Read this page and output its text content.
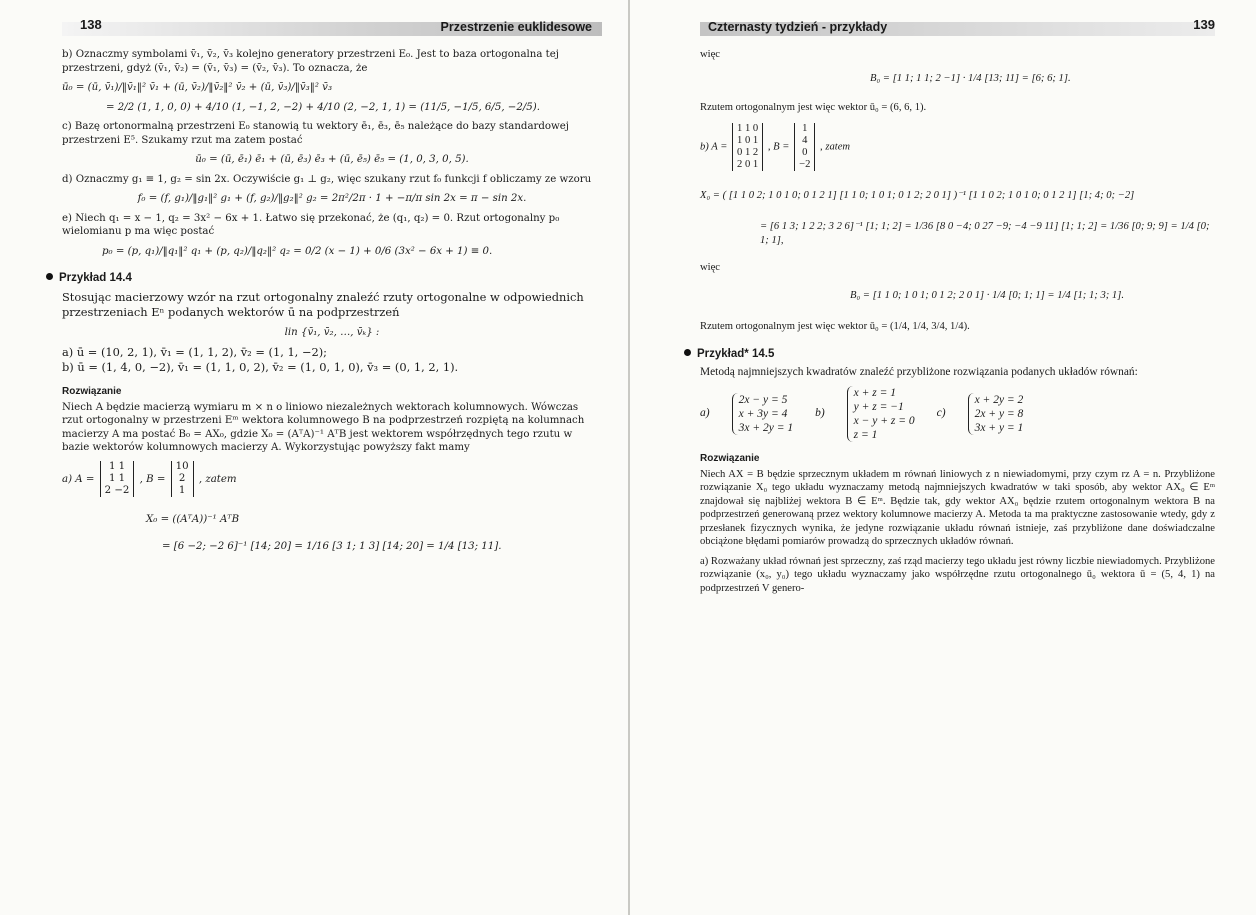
138	Przestrzenie euklidesowe

b) Oznaczmy symbolami v̄₁, v̄₂, v̄₃ kolejno generatory przestrzeni E₀. Jest to baza ortogonalna tej przestrzeni, gdyż (v̄₁, v̄₂) = (v̄₁, v̄₃) = (v̄₂, v̄₃). To oznacza, że

ū₀ = (ū, v̄₁)/‖v̄₁‖² v̄₁ + (ū, v̄₂)/‖v̄₂‖² v̄₂ + (ū, v̄₃)/‖v̄₃‖² v̄₃
= 2/2 (1, 1, 0, 0) + 4/10 (1, −1, 2, −2) + 4/10 (2, −2, 1, 1) = (11/5, −1/5, 6/5, −2/5).

c) Bazę ortonormalną przestrzeni E₀ stanowią tu wektory ē₁, ē₃, ē₅ należące do bazy standardowej przestrzeni E⁵. Szukamy rzut ma zatem postać

ū₀ = (ū, ē₁) ē₁ + (ū, ē₃) ē₃ + (ū, ē₅) ē₅ = (1, 0, 3, 0, 5).

d) Oznaczmy g₁ ≡ 1, g₂ = sin 2x. Oczywiście g₁ ⊥ g₂, więc szukany rzut f₀ funkcji f obliczamy ze wzoru

f₀ = (f, g₁)/‖g₁‖² g₁ + (f, g₂)/‖g₂‖² g₂ = 2π²/2π · 1 + −π/π sin 2x = π − sin 2x.

e) Niech q₁ = x − 1, q₂ = 3x² − 6x + 1. Łatwo się przekonać, że (q₁, q₂) = 0. Rzut ortogonalny p₀ wielomianu p ma więc postać

p₀ = (p, q₁)/‖q₁‖² q₁ + (p, q₂)/‖q₂‖² q₂ = 0/2 (x − 1) + 0/6 (3x² − 6x + 1) ≡ 0.
Przykład 14.4

Stosując macierzowy wzór na rzut ortogonalny znaleźć rzuty ortogonalne w odpowiednich przestrzeniach Eⁿ podanych wektorów ū na podprzestrzeń

lin {v̄₁, v̄₂, …, v̄ₖ} :

a) ū = (10, 2, 1), v̄₁ = (1, 1, 2), v̄₂ = (1, 1, −2);

b) ū = (1, 4, 0, −2), v̄₁ = (1, 1, 0, 2), v̄₂ = (1, 0, 1, 0), v̄₃ = (0, 1, 2, 1).

Rozwiązanie

Niech A będzie macierzą wymiaru m × n o liniowo niezależnych wektorach kolumnowych. Wówczas rzut ortogonalny w przestrzeni Eᵐ wektora kolumnowego B na podprzestrzeń rozpiętą na kolumnach macierzy A ma postać B₀ = AX₀, gdzie X₀ = (AᵀA)⁻¹ AᵀB jest wektorem współrzędnych tego rzutu w bazie wektorów kolumnowych macierzy A. Wykorzystując powyższy fakt mamy

a) A =
1 1
1 1
2 −2
, B =
10
2
1
, zatem
X₀ = ((AᵀA))⁻¹ AᵀB
= [6 −2; −2 6]⁻¹ [14; 20] = 1/16 [3 1; 1 3] [14; 20] = 1/4 [13; 11].
Czternasty tydzień - przykłady	139

więc

B₀ = [1 1; 1 1; 2 −1] · 1/4 [13; 11] = [6; 6; 1].

Rzutem ortogonalnym jest więc wektor ū₀ = (6, 6, 1).

b) A =
1 1 0
1 0 1
0 1 2
2 0 1
, B =
1
4
0
−2
, zatem
X₀ = ( [1 1 0 2; 1 0 1 0; 0 1 2 1] [1 1 0; 1 0 1; 0 1 2; 2 0 1] )⁻¹ [1 1 0 2; 1 0 1 0; 0 1 2 1] [1; 4; 0; −2]
= [6 1 3; 1 2 2; 3 2 6]⁻¹ [1; 1; 2] = 1/36 [8 0 −4; 0 27 −9; −4 −9 11] [1; 1; 2] = 1/36 [0; 9; 9] = 1/4 [0; 1; 1],

więc

B₀ = [1 1 0; 1 0 1; 0 1 2; 2 0 1] · 1/4 [0; 1; 1] = 1/4 [1; 1; 3; 1].

Rzutem ortogonalnym jest więc wektor ū₀ = (1/4, 1/4, 3/4, 1/4).

Przykład* 14.5

Metodą najmniejszych kwadratów znaleźć przybliżone rozwiązania podanych układów równań:

a)
2x − y = 5
x + 3y = 4
3x + 2y = 1
b)
x + z = 1
y + z = −1
x − y + z = 0
z = 1
c)
x + 2y = 2
2x + y = 8
3x + y = 1
Rozwiązanie

Niech AX = B będzie sprzecznym układem m równań liniowych z n niewiadomymi, przy czym rz A = n. Przybliżone rozwiązanie X₀ tego układu wyznaczamy metodą najmniejszych kwadratów w taki sposób, aby wektor AX₀ ∈ Eᵐ znajdował się najbliżej wektora B ∈ Eᵐ. Będzie tak, gdy wektor AX₀ będzie rzutem ortogonalnym wektora B na podprzestrzeń generowaną przez wektory kolumnowe macierzy A. Metoda ta ma praktyczne zastosowanie wtedy, gdy z przesłanek fizycznych wynika, że jedyne rozwiązanie układu równań istnieje, zaś przybliżone dane doświadczalne obciążone błędami pomiarów prowadzą do sprzecznych układów równań.

a) Rozważany układ równań jest sprzeczny, zaś rząd macierzy tego układu jest równy liczbie niewiadomych. Przybliżone rozwiązanie (x₀, y₀) tego układu wyznaczamy jako współrzędne rzutu ortogonalnego ū₀ wektora ū = (5, 4, 1) na podprzestrzeń V genero-
